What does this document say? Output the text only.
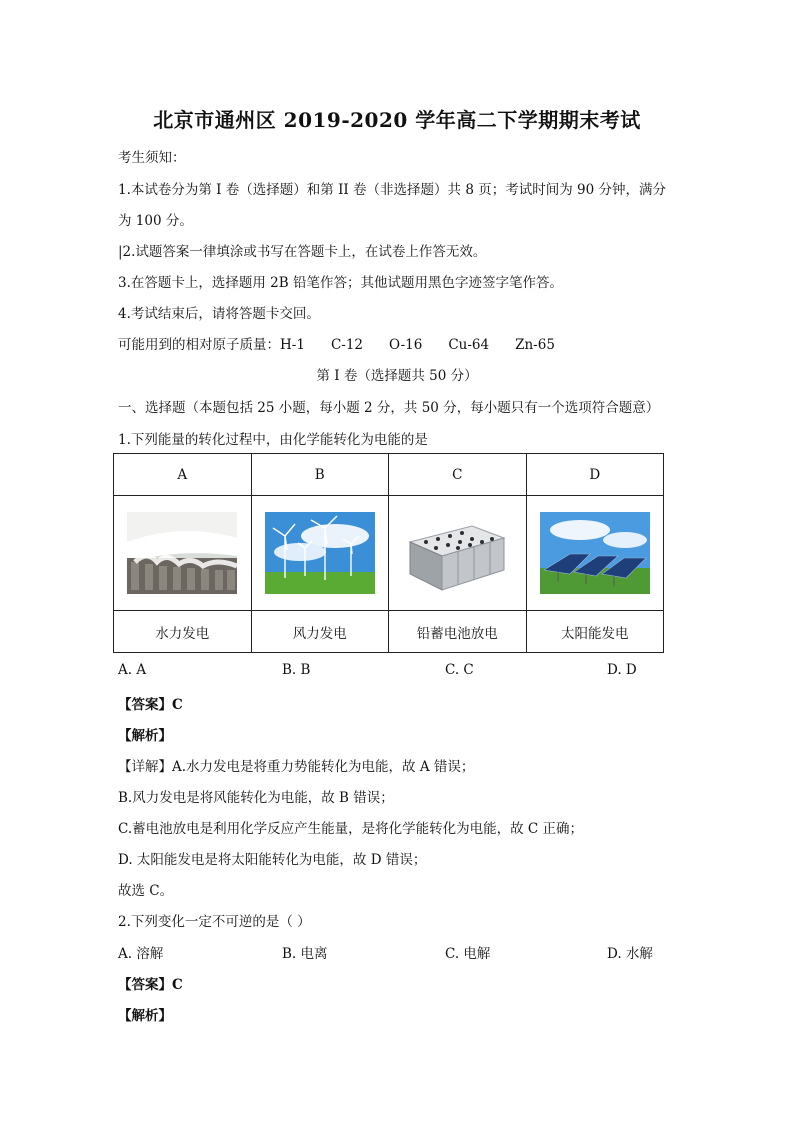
北京市通州区 2019-2020 学年高二下学期期末考试
考生须知：
1.本试卷分为第 I 卷（选择题）和第 II 卷（非选择题）共 8 页；考试时间为 90 分钟，满分
为 100 分。
|2.试题答案一律填涂或书写在答题卡上，在试卷上作答无效。
3.在答题卡上，选择题用 2B 铅笔作答；其他试题用黑色字迹签字笔作答。
4.考试结束后，请将答题卡交回。
可能用到的相对原子质量：H-1 C-12 O-16 Cu-64 Zn-65
第 I 卷（选择题共 50 分）
一、选择题（本题包括 25 小题，每小题 2 分，共 50 分，每小题只有一个选项符合题意）
1.下列能量的转化过程中，由化学能转化为电能的是
A	B	C	D

水力发电	风力发电	铅蓄电池放电	太阳能发电
A. A	B. B	C. C	D. D
【答案】C
【解析】
【详解】A.水力发电是将重力势能转化为电能，故 A 错误；
B.风力发电是将风能转化为电能，故 B 错误；
C.蓄电池放电是利用化学反应产生能量，是将化学能转化为电能，故 C 正确；
D. 太阳能发电是将太阳能转化为电能，故 D 错误；
故选 C。
2.下列变化一定不可逆的是（ ）
A. 溶解	B. 电离	C. 电解	D. 水解
【答案】C
【解析】
